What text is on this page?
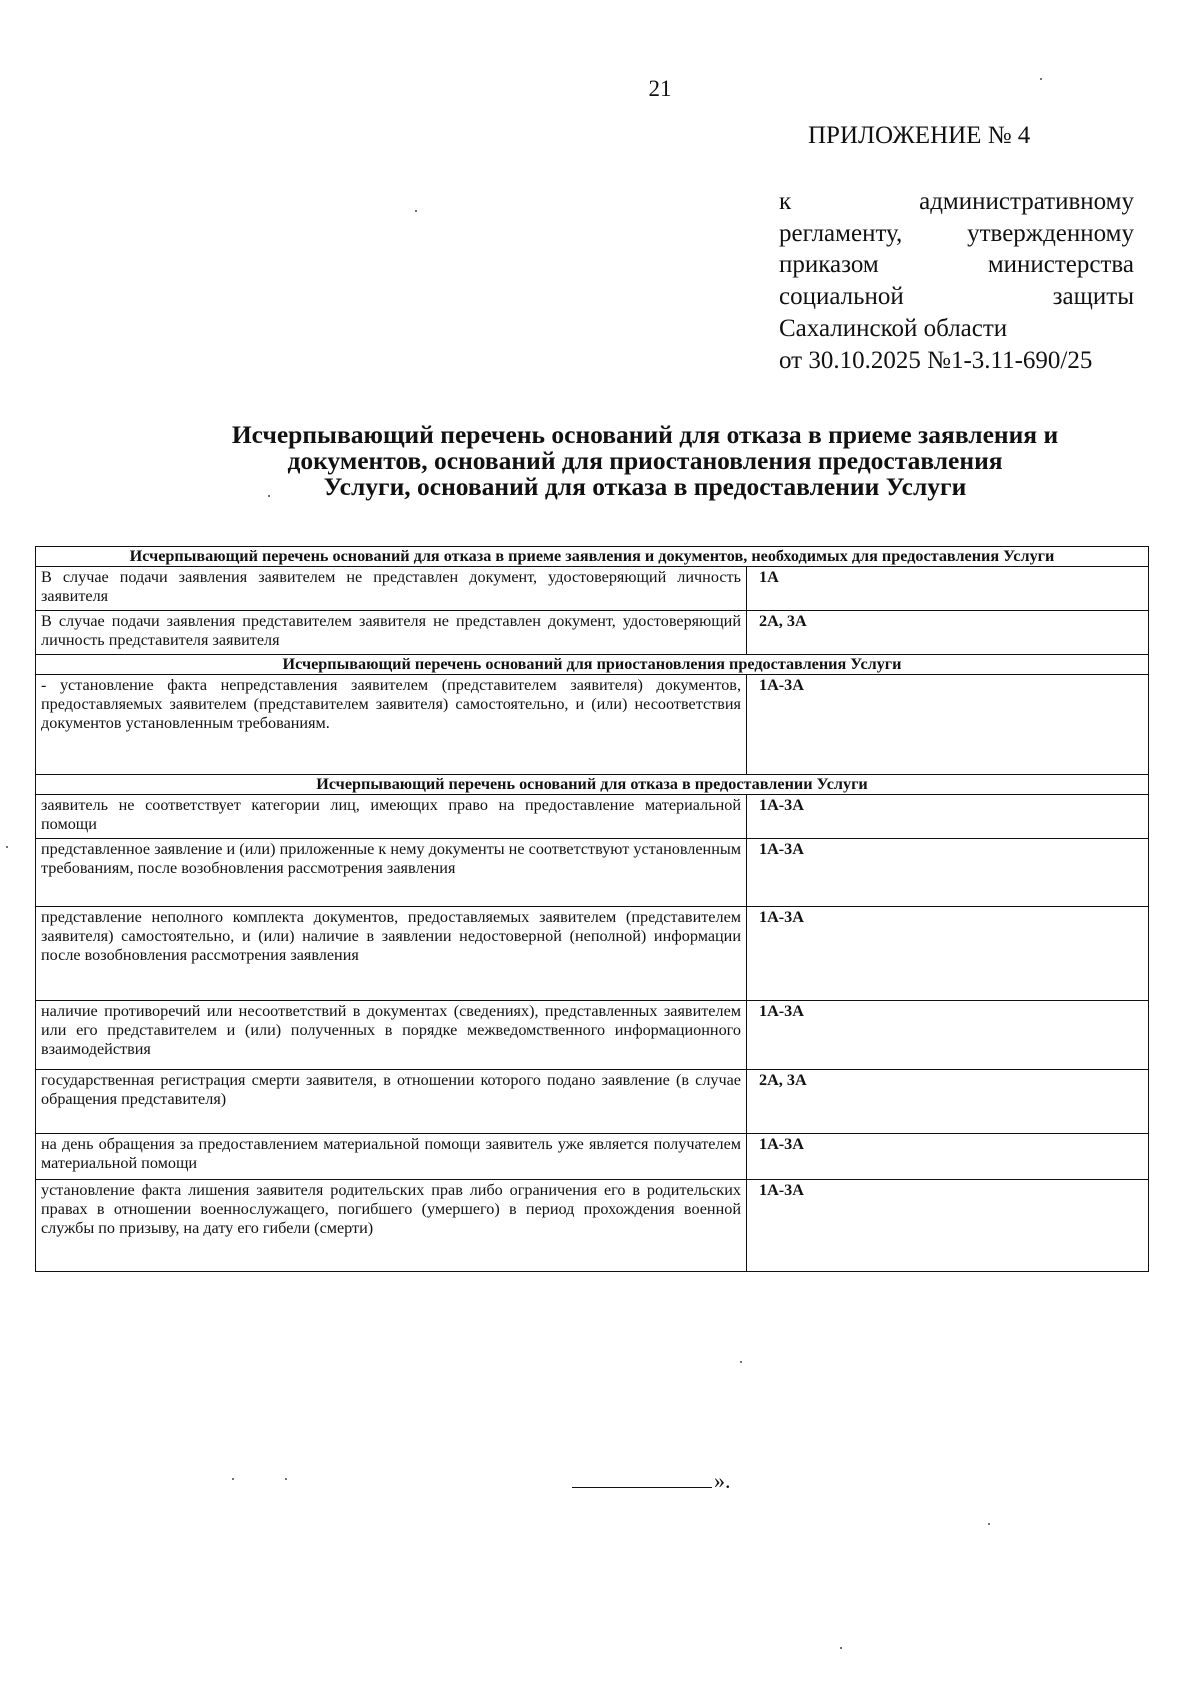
21
ПРИЛОЖЕНИЕ № 4
к административному
регламенту, утвержденному
приказом министерства
социальной защиты
Сахалинской области
от 30.10.2025 №1-3.11-690/25
Исчерпывающий перечень оснований для отказа в приеме заявления и
документов, оснований для приостановления предоставления
Услуги, оснований для отказа в предоставлении Услуги
Исчерпывающий перечень оснований для отказа в приеме заявления и документов, необходимых для предоставления Услуги	
В случае подачи заявления заявителем не представлен документ, удостоверяющий личность заявителя	1А
В случае подачи заявления представителем заявителя не представлен документ, удостоверяющий личность представителя заявителя	2А, 3А
Исчерпывающий перечень оснований для приостановления предоставления Услуги	
- установление факта непредставления заявителем (представителем заявителя) документов, предоставляемых заявителем (представителем заявителя) самостоятельно, и (или) несоответствия документов установленным требованиям.	1А-3А
Исчерпывающий перечень оснований для отказа в предоставлении Услуги	
заявитель не соответствует категории лиц, имеющих право на предоставление материальной помощи	1А-3А
представленное заявление и (или) приложенные к нему документы не соответствуют установленным требованиям, после возобновления рассмотрения заявления	1А-3А
представление неполного комплекта документов, предоставляемых заявителем (представителем заявителя) самостоятельно, и (или) наличие в заявлении недостоверной (неполной) информации после возобновления рассмотрения заявления	1А-3А
наличие противоречий или несоответствий в документах (сведениях), представленных заявителем или его представителем и (или) полученных в порядке межведомственного информационного взаимодействия	1А-3А
государственная регистрация смерти заявителя, в отношении которого подано заявление (в случае обращения представителя)	2А, 3А
на день обращения за предоставлением материальной помощи заявитель уже является получателем материальной помощи	1А-3А
установление факта лишения заявителя родительских прав либо ограничения его в родительских правах в отношении военнослужащего, погибшего (умершего) в период прохождения военной службы по призыву, на дату его гибели (смерти)	1А-3А
».
